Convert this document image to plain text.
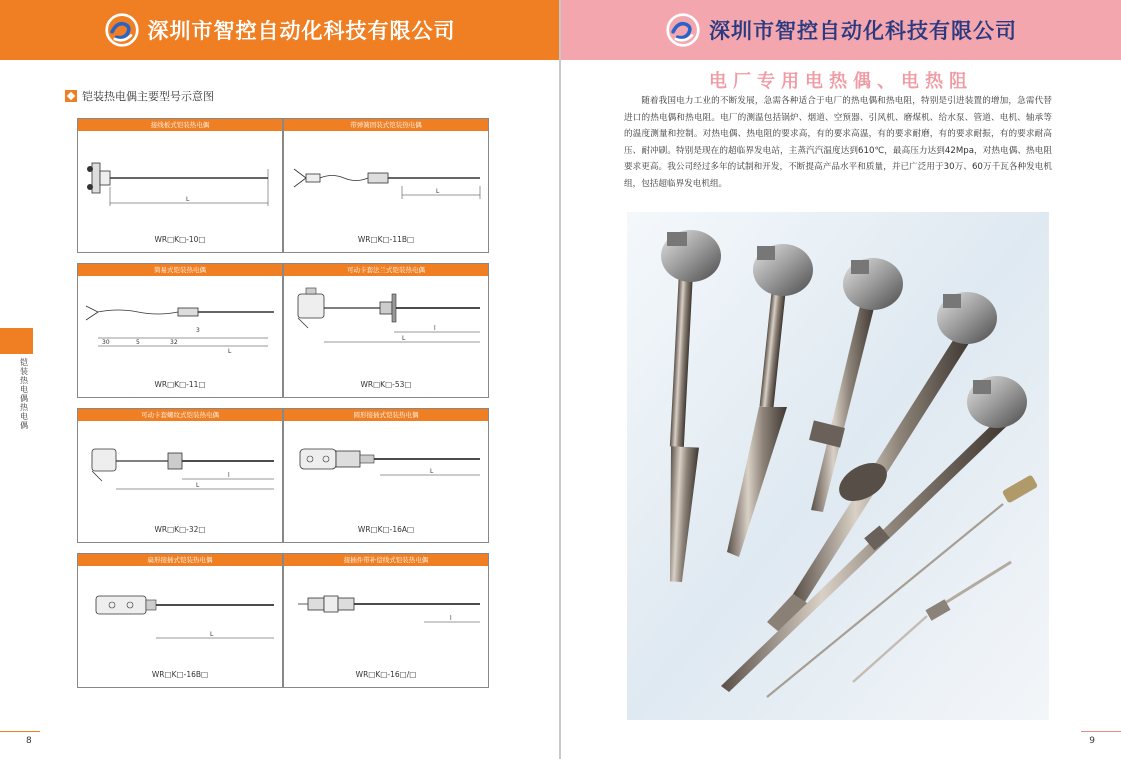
深圳市智控自动化科技有限公司
铠装热电偶主要型号示意图
接线板式铠装热电偶
L
WR□K□-10□
带弹簧固装式铠装热电偶
L
WR□K□-11B□
简易式铠装热电偶
30	5	32
3
L
WR□K□-11□
可动卡套法兰式铠装热电偶
l
L
WR□K□-53□
可动卡套螺纹式铠装热电偶
l
L
WR□K□-32□
圆形接插式铠装热电偶
L
WR□K□-16A□
扁形接插式铠装热电偶
L
WR□K□-16B□
接插件带补偿线式铠装热电偶
l
WR□K□-16□/□
铠装热电偶热电偶
8
深圳市智控自动化科技有限公司
电厂专用电热偶、电热阻

随着我国电力工业的不断发展，急需各种适合于电厂的热电偶和热电阻，特别是引进装置的增加，急需代替进口的热电偶和热电阻。电厂的测温包括锅炉、烟道、空预器、引风机、磨煤机、给水泵、管道、电机、轴承等的温度测量和控制。对热电偶、热电阻的要求高，有的要求高温，有的要求耐磨，有的要求耐振，有的要求耐高压、耐冲刷。特别是现在的超临界发电站，主蒸汽汽温度达到610℃，最高压力达到42Mpa，对热电偶、热电阻要求更高。我公司经过多年的试制和开发，不断提高产品水平和质量，并已广泛用于30万、60万千瓦各种发电机组，包括超临界发电机组。

9
